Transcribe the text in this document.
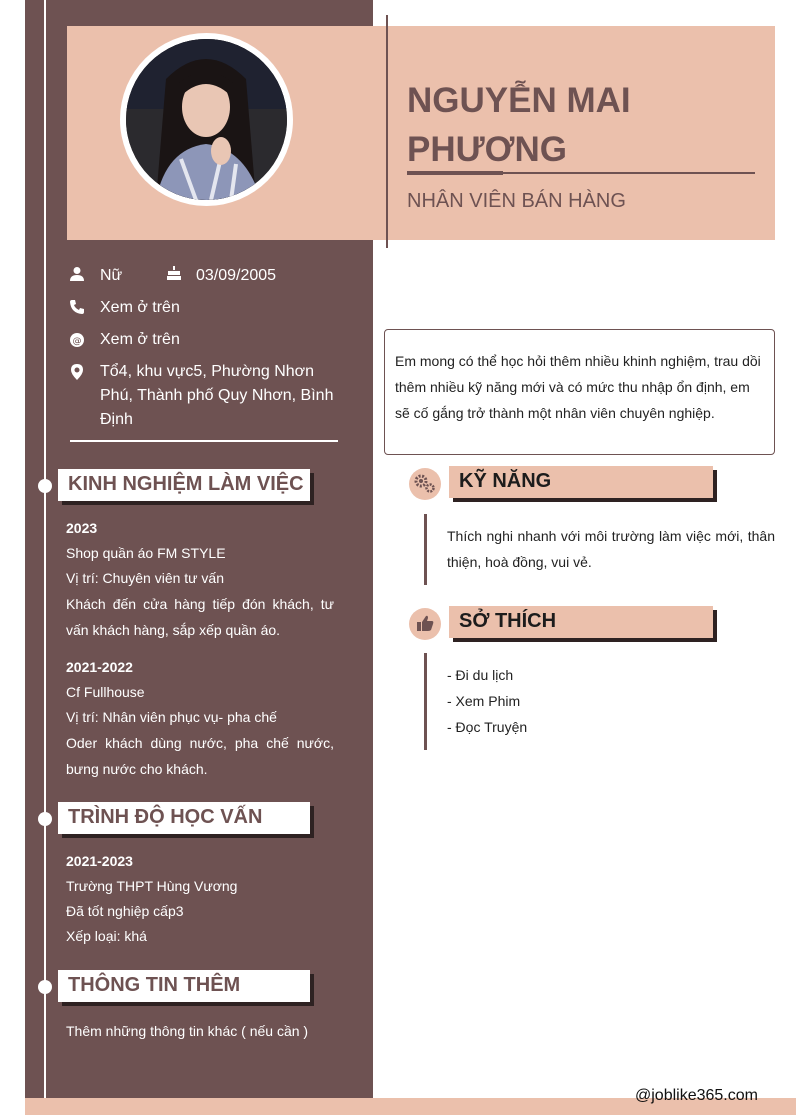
NGUYỄN MAI PHƯƠNG
NHÂN VIÊN BÁN HÀNG
Nữ	03/09/2005
Xem ở trên
@ Xem ở trên
Tổ4, khu vực5, Phường Nhơn Phú, Thành phố Quy Nhơn, Bình Định
KINH NGHIỆM LÀM VIỆC
2023
Shop quần áo FM STYLE
Vị trí: Chuyên viên tư vấn
Khách đến cửa hàng tiếp đón khách, tư vấn khách hàng, sắp xếp quần áo.
2021-2022
Cf Fullhouse
Vị trí: Nhân viên phục vụ- pha chế
Oder khách dùng nước, pha chế nước, bưng nước cho khách.
TRÌNH ĐỘ HỌC VẤN
2021-2023
Trường THPT Hùng Vương
Đã tốt nghiệp cấp3
Xếp loại: khá
THÔNG TIN THÊM
Thêm những thông tin khác ( nếu cần )
Em mong có thể học hỏi thêm nhiều khinh nghiệm, trau dồi thêm nhiều kỹ năng mới và có mức thu nhập ổn định, em sẽ cố gắng trở thành một nhân viên chuyên nghiệp.
KỸ NĂNG
Thích nghi nhanh với môi trường làm việc mới, thân thiện, hoà đồng, vui vẻ.
SỞ THÍCH
- Đi du lịch
- Xem Phim
- Đọc Truyện
@joblike365.com
